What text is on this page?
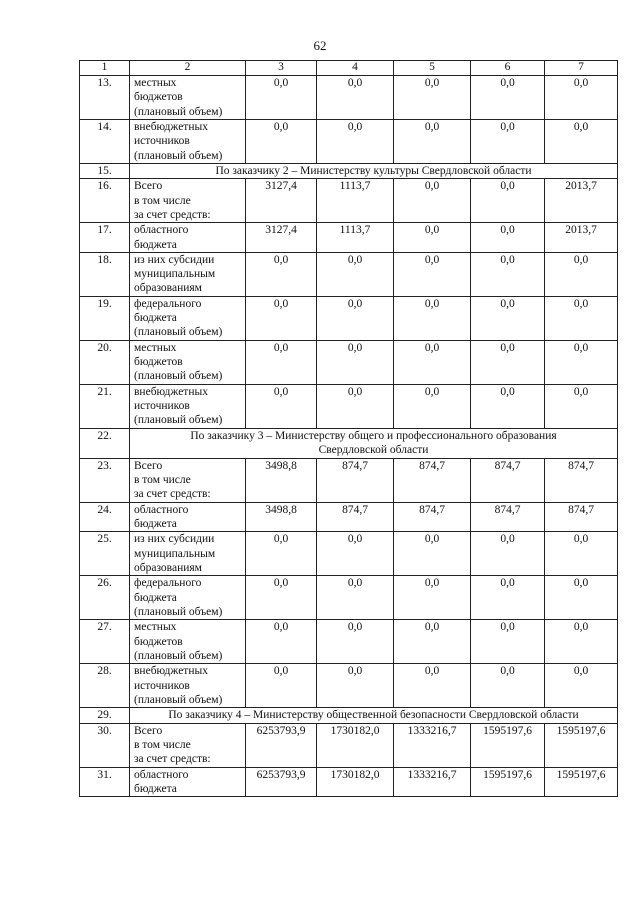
62
1	2	3	4	5	6	7
13.	местных
бюджетов
(плановый объем)	0,0	0,0	0,0	0,0	0,0
14.	внебюджетных
источников
(плановый объем)	0,0	0,0	0,0	0,0	0,0
15.	По заказчику 2 – Министерству культуры Свердловской области					
16.	Всего
в том числе
за счет средств:	3127,4	1113,7	0,0	0,0	2013,7
17.	областного
бюджета	3127,4	1113,7	0,0	0,0	2013,7
18.	из них субсидии
муниципальным
образованиям	0,0	0,0	0,0	0,0	0,0
19.	федерального
бюджета
(плановый объем)	0,0	0,0	0,0	0,0	0,0
20.	местных
бюджетов
(плановый объем)	0,0	0,0	0,0	0,0	0,0
21.	внебюджетных
источников
(плановый объем)	0,0	0,0	0,0	0,0	0,0
22.	По заказчику 3 – Министерству общего и профессионального образования
Свердловской области					
23.	Всего
в том числе
за счет средств:	3498,8	874,7	874,7	874,7	874,7
24.	областного
бюджета	3498,8	874,7	874,7	874,7	874,7
25.	из них субсидии
муниципальным
образованиям	0,0	0,0	0,0	0,0	0,0
26.	федерального
бюджета
(плановый объем)	0,0	0,0	0,0	0,0	0,0
27.	местных
бюджетов
(плановый объем)	0,0	0,0	0,0	0,0	0,0
28.	внебюджетных
источников
(плановый объем)	0,0	0,0	0,0	0,0	0,0
29.	По заказчику 4 – Министерству общественной безопасности Свердловской области					
30.	Всего
в том числе
за счет средств:	6253793,9	1730182,0	1333216,7	1595197,6	1595197,6
31.	областного
бюджета	6253793,9	1730182,0	1333216,7	1595197,6	1595197,6
